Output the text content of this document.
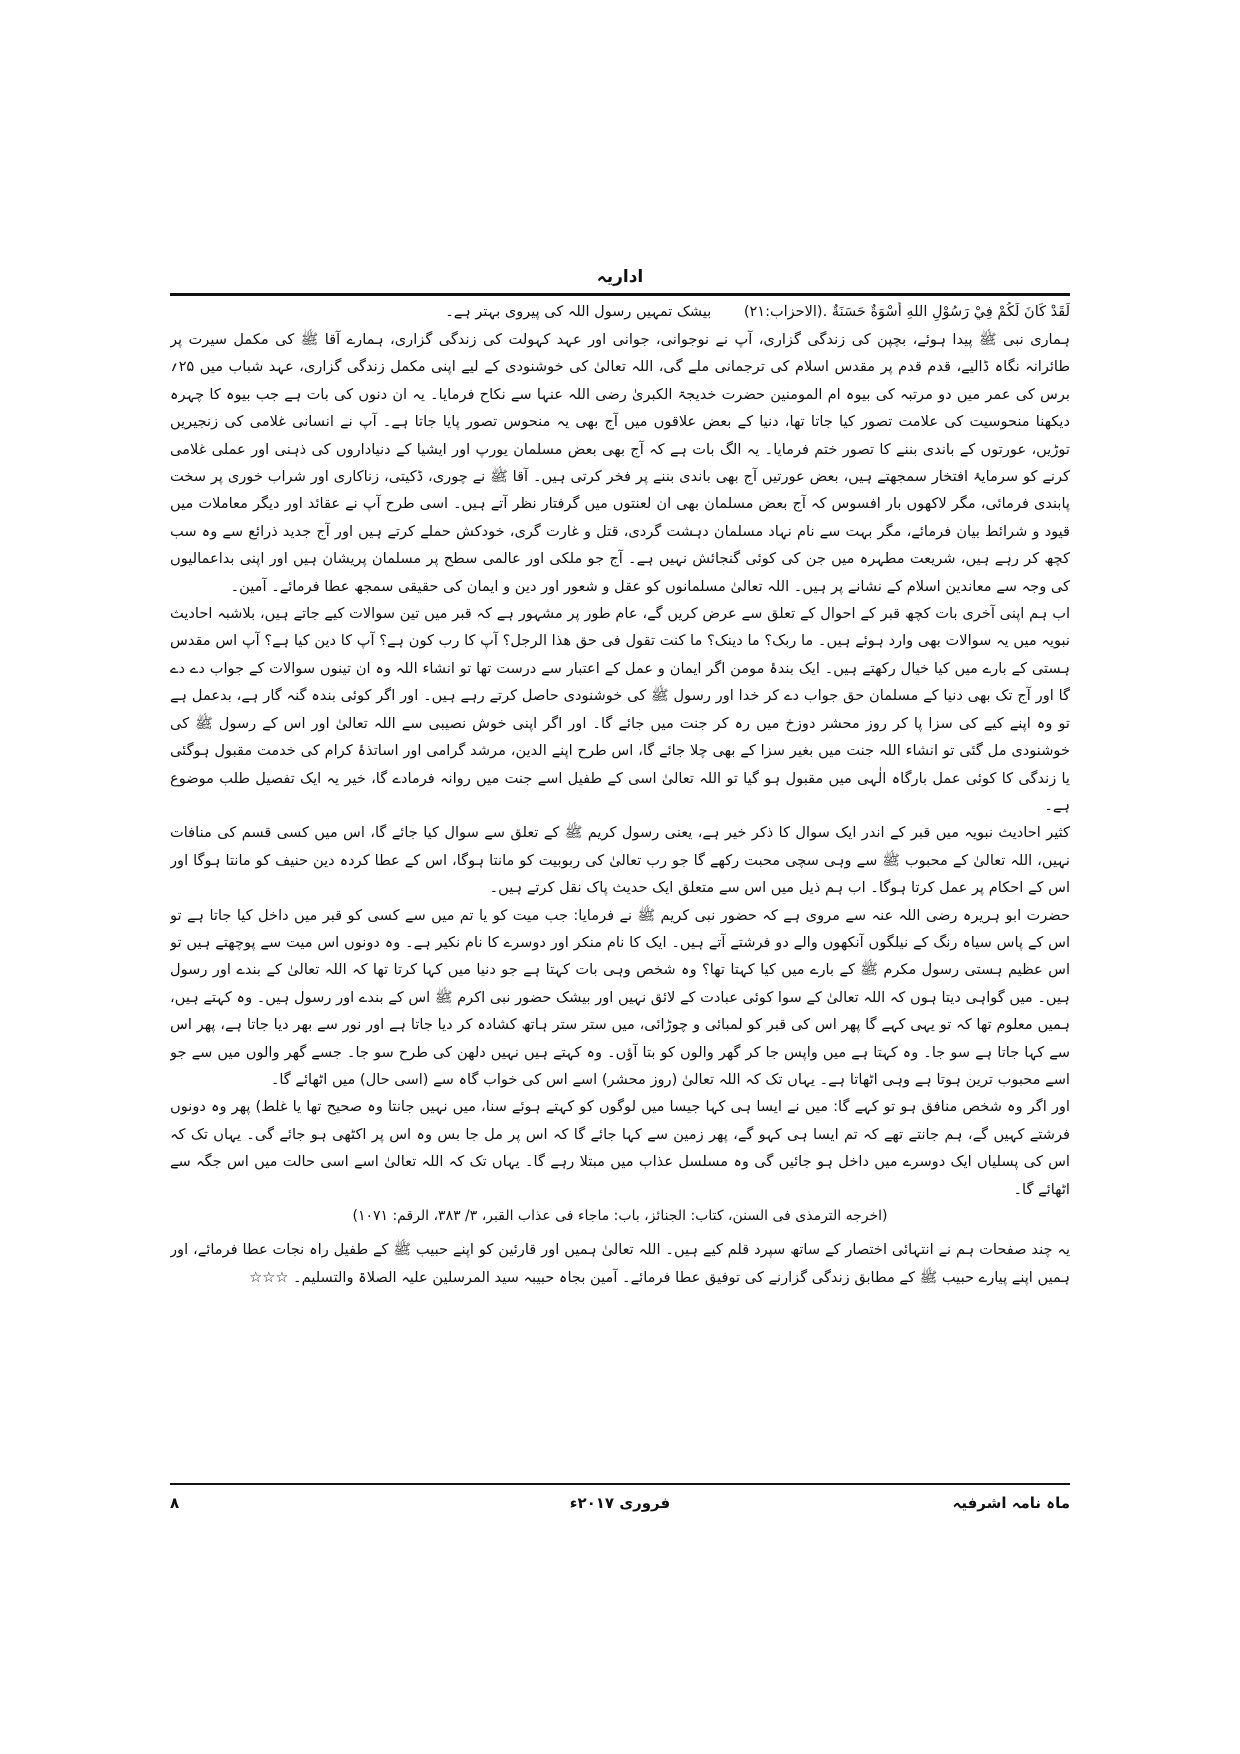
اداریہ
لَقَدْ كَانَ لَكُمْ فِيْ رَسُوْلِ اللهِ أُسْوَةٌ حَسَنَةٌ .(الاحزاب:۲۱) بیشک تمہیں رسول اللہ کی پیروی بہتر ہے۔

ہماری نبی ﷺ پیدا ہوئے، بچپن کی زندگی گزاری، آپ نے نوجوانی، جوانی اور عہد کہولت کی زندگی گزاری، ہمارے آقا ﷺ کی مکمل سیرت پر طائرانہ نگاہ ڈالیے، قدم قدم پر مقدس اسلام کی ترجمانی ملے گی، اللہ تعالیٰ کی خوشنودی کے لیے اپنی مکمل زندگی گزاری، عہد شباب میں ۲۵؍ برس کی عمر میں دو مرتبہ کی بیوہ ام المومنین حضرت خدیجۃ الکبریٰ رضی اللہ عنہا سے نکاح فرمایا۔ یہ ان دنوں کی بات ہے جب بیوہ کا چہرہ دیکھنا منحوسیت کی علامت تصور کیا جاتا تھا، دنیا کے بعض علاقوں میں آج بھی یہ منحوس تصور پایا جاتا ہے۔ آپ نے انسانی غلامی کی زنجیریں توڑیں، عورتوں کے باندی بننے کا تصور ختم فرمایا۔ یہ الگ بات ہے کہ آج بھی بعض مسلمان یورپ اور ایشیا کے دنیاداروں کی ذہنی اور عملی غلامی کرنے کو سرمایۂ افتخار سمجھتے ہیں، بعض عورتیں آج بھی باندی بننے پر فخر کرتی ہیں۔ آقا ﷺ نے چوری، ڈکیتی، زناکاری اور شراب خوری پر سخت پابندی فرمائی، مگر لاکھوں بار افسوس کہ آج بعض مسلمان بھی ان لعنتوں میں گرفتار نظر آتے ہیں۔ اسی طرح آپ نے عقائد اور دیگر معاملات میں قیود و شرائط بیان فرمائے، مگر بہت سے نام نہاد مسلمان دہشت گردی، قتل و غارت گری، خودکش حملے کرتے ہیں اور آج جدید ذرائع سے وہ سب کچھ کر رہے ہیں، شریعت مطہرہ میں جن کی کوئی گنجائش نہیں ہے۔ آج جو ملکی اور عالمی سطح پر مسلمان پریشان ہیں اور اپنی بداعمالیوں کی وجہ سے معاندین اسلام کے نشانے پر ہیں۔ اللہ تعالیٰ مسلمانوں کو عقل و شعور اور دین و ایمان کی حقیقی سمجھ عطا فرمائے۔ آمین۔

اب ہم اپنی آخری بات کچھ قبر کے احوال کے تعلق سے عرض کریں گے، عام طور پر مشہور ہے کہ قبر میں تین سوالات کیے جاتے ہیں، بلاشبہ احادیث نبویہ میں یہ سوالات بھی وارد ہوئے ہیں۔ ما ربک؟ ما دینک؟ ما کنت تقول فی حق هذا الرجل؟ آپ کا رب کون ہے؟ آپ کا دین کیا ہے؟ آپ اس مقدس ہستی کے بارے میں کیا خیال رکھتے ہیں۔ ایک بندۂ مومن اگر ایمان و عمل کے اعتبار سے درست تھا تو انشاء اللہ وہ ان تینوں سوالات کے جواب دے دے گا اور آج تک بھی دنیا کے مسلمان حق جواب دے کر خدا اور رسول ﷺ کی خوشنودی حاصل کرتے رہے ہیں۔ اور اگر کوئی بندہ گنہ گار ہے، بدعمل ہے تو وہ اپنے کیے کی سزا پا کر روز محشر دوزخ میں رہ کر جنت میں جائے گا۔ اور اگر اپنی خوش نصیبی سے اللہ تعالیٰ اور اس کے رسول ﷺ کی خوشنودی مل گئی تو انشاء اللہ جنت میں بغیر سزا کے بھی چلا جائے گا، اس طرح اپنے الدین، مرشد گرامی اور اساتذۂ کرام کی خدمت مقبول ہوگئی یا زندگی کا کوئی عمل بارگاہ الٰہی میں مقبول ہو گیا تو اللہ تعالیٰ اسی کے طفیل اسے جنت میں روانہ فرمادے گا، خیر یہ ایک تفصیل طلب موضوع ہے۔

کثیر احادیث نبویہ میں قبر کے اندر ایک سوال کا ذکر خیر ہے، یعنی رسول کریم ﷺ کے تعلق سے سوال کیا جائے گا، اس میں کسی قسم کی منافات نہیں، اللہ تعالیٰ کے محبوب ﷺ سے وہی سچی محبت رکھے گا جو رب تعالیٰ کی ربوبیت کو مانتا ہوگا، اس کے عطا کردہ دین حنیف کو مانتا ہوگا اور اس کے احکام پر عمل کرتا ہوگا۔ اب ہم ذیل میں اس سے متعلق ایک حدیث پاک نقل کرتے ہیں۔

حضرت ابو ہریرہ رضی اللہ عنہ سے مروی ہے کہ حضور نبی کریم ﷺ نے فرمایا: جب میت کو یا تم میں سے کسی کو قبر میں داخل کیا جاتا ہے تو اس کے پاس سیاہ رنگ کے نیلگوں آنکھوں والے دو فرشتے آتے ہیں۔ ایک کا نام منکر اور دوسرے کا نام نکیر ہے۔ وہ دونوں اس میت سے پوچھتے ہیں تو اس عظیم ہستی رسول مکرم ﷺ کے بارے میں کیا کہتا تھا؟ وہ شخص وہی بات کہتا ہے جو دنیا میں کہا کرتا تھا کہ اللہ تعالیٰ کے بندے اور رسول ہیں۔ میں گواہی دیتا ہوں کہ اللہ تعالیٰ کے سوا کوئی عبادت کے لائق نہیں اور بیشک حضور نبی اکرم ﷺ اس کے بندے اور رسول ہیں۔ وہ کہتے ہیں، ہمیں معلوم تھا کہ تو یہی کہے گا پھر اس کی قبر کو لمبائی و چوڑائی، میں ستر ستر ہاتھ کشادہ کر دیا جاتا ہے اور نور سے بھر دیا جاتا ہے، پھر اس سے کہا جاتا ہے سو جا۔ وہ کہتا ہے میں واپس جا کر گھر والوں کو بتا آؤں۔ وہ کہتے ہیں نہیں دلھن کی طرح سو جا۔ جسے گھر والوں میں سے جو اسے محبوب ترین ہوتا ہے وہی اٹھاتا ہے۔ یہاں تک کہ اللہ تعالیٰ (روز محشر) اسے اس کی خواب گاہ سے (اسی حال) میں اٹھائے گا۔

اور اگر وہ شخص منافق ہو تو کہے گا: میں نے ایسا ہی کہا جیسا میں لوگوں کو کہتے ہوئے سنا، میں نہیں جانتا وہ صحیح تھا یا غلط) پھر وہ دونوں فرشتے کہیں گے، ہم جانتے تھے کہ تم ایسا ہی کہو گے، پھر زمین سے کہا جائے گا کہ اس پر مل جا بس وہ اس پر اکٹھی ہو جائے گی۔ یہاں تک کہ اس کی پسلیاں ایک دوسرے میں داخل ہو جائیں گی وہ مسلسل عذاب میں مبتلا رہے گا۔ یہاں تک کہ اللہ تعالیٰ اسے اسی حالت میں اس جگہ سے اٹھائے گا۔

(اخرجه الترمذی فی السنن، کتاب: الجنائز، باب: ماجاء فی عذاب القبر، ۳/ ۳۸۳، الرقم: ۱۰۷۱)

یہ چند صفحات ہم نے انتہائی اختصار کے ساتھ سپرد قلم کیے ہیں۔ اللہ تعالیٰ ہمیں اور قارئین کو اپنے حبیب ﷺ کے طفیل راہ نجات عطا فرمائے، اور ہمیں اپنے پیارے حبیب ﷺ کے مطابق زندگی گزارنے کی توفیق عطا فرمائے۔ آمین بجاہ حبیبہ سید المرسلین علیہ الصلاۃ والتسلیم۔ ☆☆☆

ماہ نامہ اشرفیہ
فروری ۲۰۱۷ء
۸
